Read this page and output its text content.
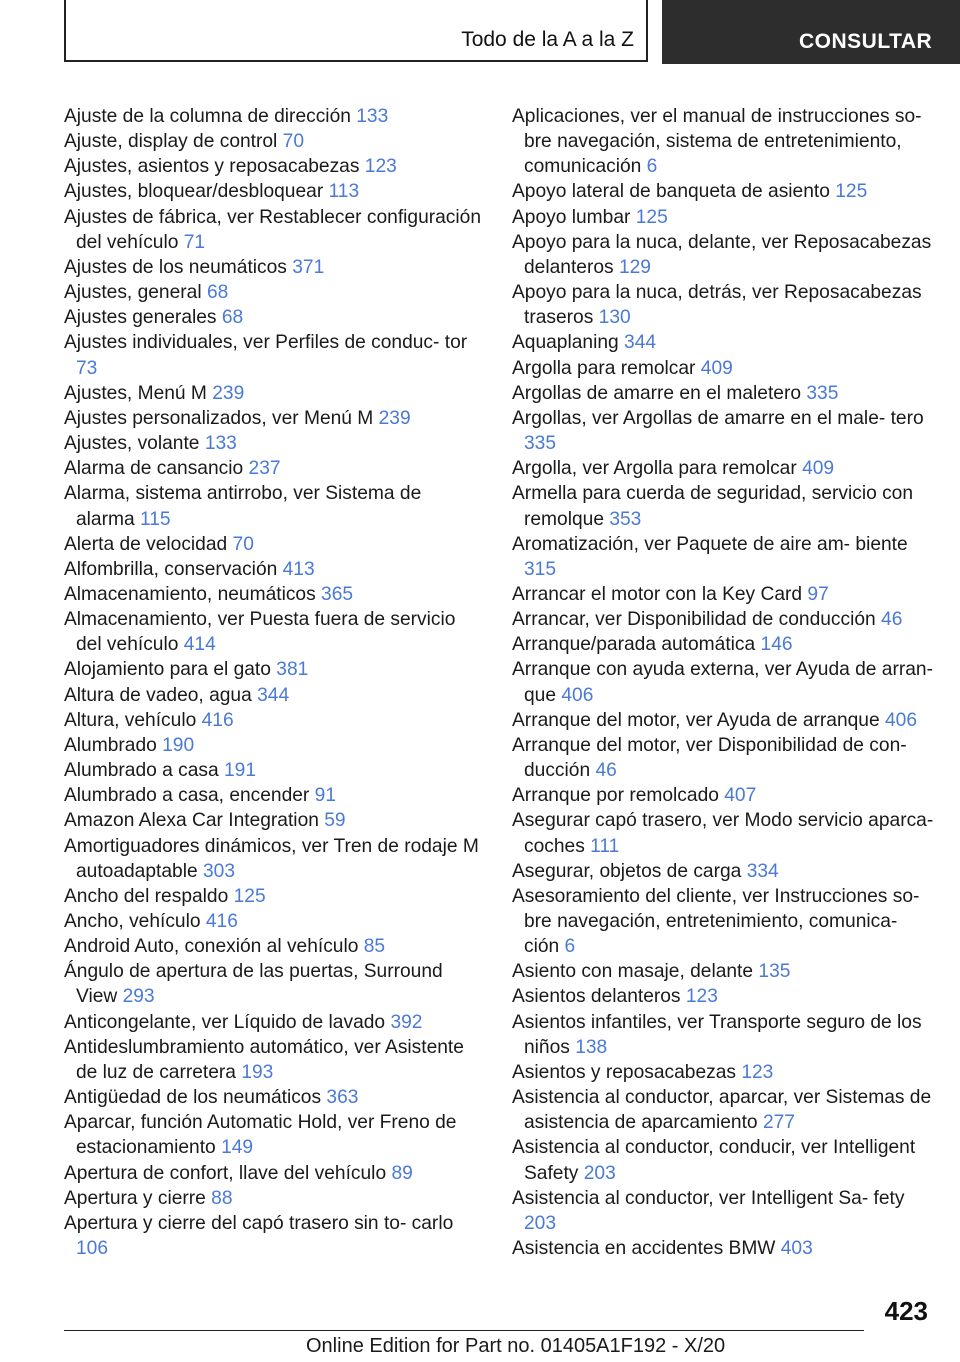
Todo de la A a la Z	CONSULTAR
Ajuste de la columna de dirección 133
Ajuste, display de control 70
Ajustes, asientos y reposacabezas 123
Ajustes, bloquear/desbloquear 113
Ajustes de fábrica, ver Restablecer configuración del vehículo 71
Ajustes de los neumáticos 371
Ajustes, general 68
Ajustes generales 68
Ajustes individuales, ver Perfiles de conduc‐ tor 73
Ajustes, Menú M 239
Ajustes personalizados, ver Menú M 239
Ajustes, volante 133
Alarma de cansancio 237
Alarma, sistema antirrobo, ver Sistema de alarma 115
Alerta de velocidad 70
Alfombrilla, conservación 413
Almacenamiento, neumáticos 365
Almacenamiento, ver Puesta fuera de servicio del vehículo 414
Alojamiento para el gato 381
Altura de vadeo, agua 344
Altura, vehículo 416
Alumbrado 190
Alumbrado a casa 191
Alumbrado a casa, encender 91
Amazon Alexa Car Integration 59
Amortiguadores dinámicos, ver Tren de rodaje M autoadaptable 303
Ancho del respaldo 125
Ancho, vehículo 416
Android Auto, conexión al vehículo 85
Ángulo de apertura de las puertas, Surround View 293
Anticongelante, ver Líquido de lavado 392
Antideslumbramiento automático, ver Asistente de luz de carretera 193
Antigüedad de los neumáticos 363
Aparcar, función Automatic Hold, ver Freno de estacionamiento 149
Apertura de confort, llave del vehículo 89
Apertura y cierre 88
Apertura y cierre del capó trasero sin to‐ carlo 106
Aplicaciones, ver el manual de instrucciones so‐ bre navegación, sistema de entretenimiento, comunicación 6
Apoyo lateral de banqueta de asiento 125
Apoyo lumbar 125
Apoyo para la nuca, delante, ver Reposacabezas delanteros 129
Apoyo para la nuca, detrás, ver Reposacabezas traseros 130
Aquaplaning 344
Argolla para remolcar 409
Argollas de amarre en el maletero 335
Argollas, ver Argollas de amarre en el male‐ tero 335
Argolla, ver Argolla para remolcar 409
Armella para cuerda de seguridad, servicio con remolque 353
Aromatización, ver Paquete de aire am‐ biente 315
Arrancar el motor con la Key Card 97
Arrancar, ver Disponibilidad de conducción 46
Arranque/parada automática 146
Arranque con ayuda externa, ver Ayuda de arran‐ que 406
Arranque del motor, ver Ayuda de arranque 406
Arranque del motor, ver Disponibilidad de con‐ ducción 46
Arranque por remolcado 407
Asegurar capó trasero, ver Modo servicio aparca‐ coches 111
Asegurar, objetos de carga 334
Asesoramiento del cliente, ver Instrucciones so‐ bre navegación, entretenimiento, comunica‐ ción 6
Asiento con masaje, delante 135
Asientos delanteros 123
Asientos infantiles, ver Transporte seguro de los niños 138
Asientos y reposacabezas 123
Asistencia al conductor, aparcar, ver Sistemas de asistencia de aparcamiento 277
Asistencia al conductor, conducir, ver Intelligent Safety 203
Asistencia al conductor, ver Intelligent Sa‐ fety 203
Asistencia en accidentes BMW 403
423
Online Edition for Part no. 01405A1F192 - X/20
